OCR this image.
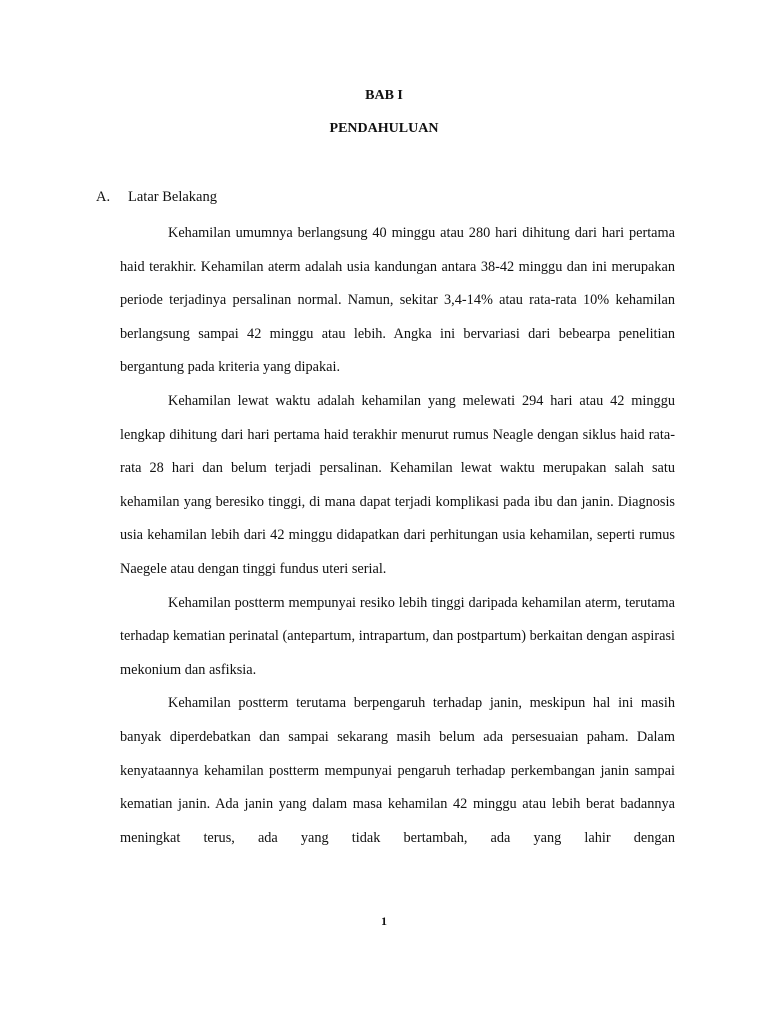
BAB I
PENDAHULUAN
A. Latar Belakang

Kehamilan umumnya berlangsung 40 minggu atau 280 hari dihitung dari hari pertama haid terakhir. Kehamilan aterm adalah usia kandungan antara 38-42 minggu dan ini merupakan periode terjadinya persalinan normal. Namun, sekitar 3,4-14% atau rata-rata 10% kehamilan berlangsung sampai 42 minggu atau lebih. Angka ini bervariasi dari bebearpa penelitian bergantung pada kriteria yang dipakai.

Kehamilan lewat waktu adalah kehamilan yang melewati 294 hari atau 42 minggu lengkap dihitung dari hari pertama haid terakhir menurut rumus Neagle dengan siklus haid rata-rata 28 hari dan belum terjadi persalinan. Kehamilan lewat waktu merupakan salah satu kehamilan yang beresiko tinggi, di mana dapat terjadi komplikasi pada ibu dan janin. Diagnosis usia kehamilan lebih dari 42 minggu didapatkan dari perhitungan usia kehamilan, seperti rumus Naegele atau dengan tinggi fundus uteri serial.

Kehamilan postterm mempunyai resiko lebih tinggi daripada kehamilan aterm, terutama terhadap kematian perinatal (antepartum, intrapartum, dan postpartum) berkaitan dengan aspirasi mekonium dan asfiksia.

Kehamilan postterm terutama berpengaruh terhadap janin, meskipun hal ini masih banyak diperdebatkan dan sampai sekarang masih belum ada persesuaian paham. Dalam kenyataannya kehamilan postterm mempunyai pengaruh terhadap perkembangan janin sampai kematian janin. Ada janin yang dalam masa kehamilan 42 minggu atau lebih berat badannya meningkat terus, ada yang tidak bertambah, ada yang lahir dengan

1
